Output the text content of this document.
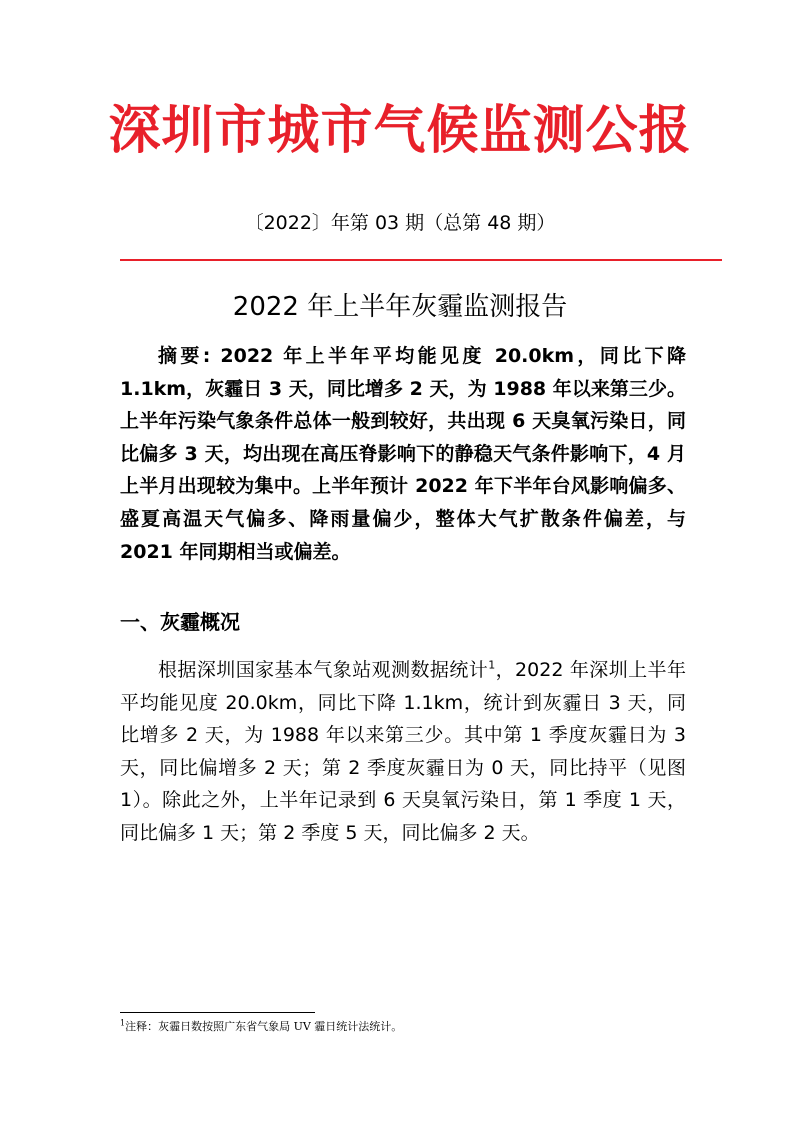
深圳市城市气候监测公报
〔2022〕年第 03 期（总第 48 期）
2022 年上半年灰霾监测报告
摘要: 2022 年上半年平均能见度 20.0km，同比下降 1.1km，灰霾日 3 天，同比增多 2 天，为 1988 年以来第三少。上半年污染气象条件总体一般到较好，共出现 6 天臭氧污染日，同比偏多 3 天，均出现在高压脊影响下的静稳天气条件影响下，4 月上半月出现较为集中。上半年预计 2022 年下半年台风影响偏多、盛夏高温天气偏多、降雨量偏少，整体大气扩散条件偏差，与 2021 年同期相当或偏差。
一、灰霾概况
根据深圳国家基本气象站观测数据统计$^1$，2022 年深圳上半年平均能见度 20.0km，同比下降 1.1km，统计到灰霾日 3 天，同比增多 2 天，为 1988 年以来第三少。其中第 1 季度灰霾日为 3 天，同比偏增多 2 天；第 2 季度灰霾日为 0 天，同比持平（见图 1）。除此之外，上半年记录到 6 天臭氧污染日，第 1 季度 1 天，同比偏多 1 天；第 2 季度 5 天，同比偏多 2 天。
$^1$注释：灰霾日数按照广东省气象局 UV 霾日统计法统计。
